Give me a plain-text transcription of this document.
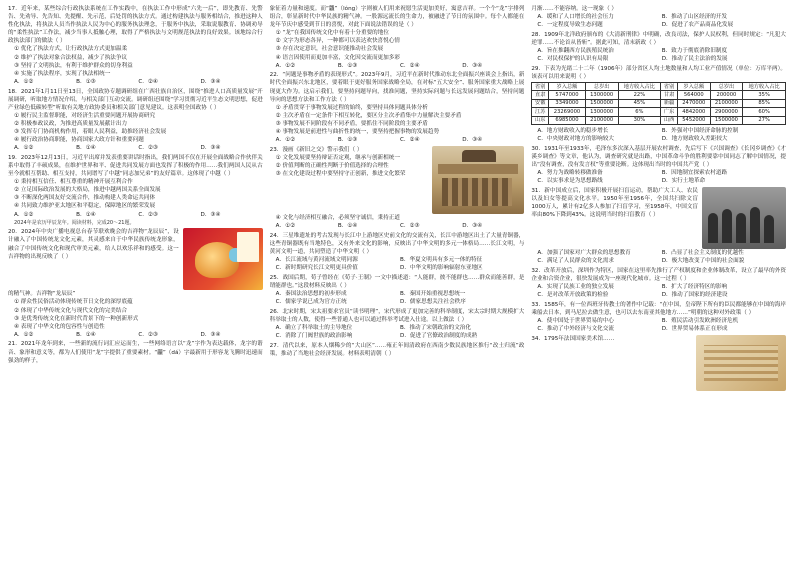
17．近年来，某些综合行政执法系统在工作实践中，在执法工作中形成“六先一后”，即先教育、先警告、先劝导、先告知、先提醒、先示范，后处罚的执法方式。通过构建执法与服务相结合，推进这种人性化执法，将执法人员当作执法人民为中心的服务执法理念，于服务中执法，采取说服教育、协调劝导的“柔性执法”工作法，减少当事人抵触心理，取得了严格执法与文明规范执法的良好效果。该地综合行政执法部门的做法（ ）

① 优化了执法方式，让行政执法方式更加温柔

② 维护了执法对象合法权益，减少了执法争议

③ 坚持了文明执法，有利于维护群众的切身利益

④ 实施了执法程序，实现了执法相统一

A．①②	B．①③	C．②④	D．③④

18．2021年1月11日至13日，全国政协专题调研组在广西壮族自治区，围绕“推进人口高质量发展”开展调研，听取地方情况介绍，与相关部门互动交流。调研组还围绕“学习贯彻习近平生态文明思想，促进产业绿色低碳转型”听取有关地方政协委员和相关部门意见建议。这表明全国政协（ ）

① 履行民主监督职能，对经济生活重要问题开展协商研究

② 积极参政议政，为推进高质量发展献计出力

③ 发挥专门协商机构作用，着眼人民利益，助推经济社会发展

④ 履行政治协商职能，协商国家大政方针和重要问题

A．①②	B．①④	C．②③	D．③④

19．2023年12月13日，习近平出席并发表重要讲话时指出，我们两国不仅在开展全面战略合作伙伴关系中取得了丰硕成果，在维护世界和平、促进共同发展方面也发挥了积极的作用……我们两国人民从古至今就相互帮助、相互支持，共同谱写了中越“同志加兄弟”的友好篇章。这体现了中越（ ）

① 秉持相互信任、相互尊重的精神开展互利合作

② 立足国际政治发展的大格局，推进中越两国关系全面发展

③ 不断深化两国友好交流合作，推动构建人类命运共同体

④ 共同致力维护亚太地区和平稳定，保障地区的繁荣发展

A．①②	B．①④	C．②③	D．③④

2024年是农历甲辰龙年。阅读材料，完成20～21题。

20．2024年中央广播电视总台春节联欢晚会的吉祥物“龙辰辰”，设计融入了中国传统龙文化元素，其灵感来自于中华民族传统龙形象，融合了中国传统文化和现代审美元素，给人以欢乐祥和的感受。这一吉祥物的出现反映了（ ）

的精气神。吉祥物“龙辰辰”

① 群众性民俗活动体现传统节日文化的深厚底蕴

② 体现了中华传统文化与现代文化的完美结合

③ 是优秀传统文化在新时代背景下的一种创新形式

④ 表现了中华文化的包容性与创造性

A．①②	B．①④	C．②③	D．③④

21．2021年龙年到来，一些新的流行词汇应运而生，一些网络语言以“龙”字作为表达载体，龙字的谐音、象形和意义等，都为人们使用“龙”字提供了重要素材。“龖”（dá）字最新用于形容龙飞腾时迅速而强劲的样子，

象征着力量和速度。而“龘”（lóng）字则被人们用来祝愿生活更加美好，寓意吉祥。一个个“龙”字排列组合，彰显新时代中华民族的精气神。一股源远流长的生命力，被融进了节日的氛围中。每个人都能在龙年节庆中感受到节日的喜悦，对此下面说法错误的是（ ）

① “龙”在我国传统文化中有着十分重要的地位

② 文字为形态各异，一种都可以表达欢快喜悦心情

③ 存在决定意识，社会意识能推动社会发展

④ 语言因使用而更加丰富，文化因交流而更加多彩

A．①②	B．①③	C．②④	D．③④

22．“问题是事物矛盾的表现形式”。2023年9月，习近平在新时代推动东北全面振兴座谈会上指出，新时代全面振兴东北地区，要着眼于更好服务国家战略全局，在对标“五大安全”、服务国家重大战略上展现更大作为。这启示我们，要坚持问题导向，找准问题，坚持实际问题与长远发展问题结合，坚持问题导向的思想方法和工作方法（ ）

① 矛盾贯穿于事物发展过程的始终，要坚持具体问题具体分析

② 主次矛盾在一定条件下相互转化，要区分主次矛盾集中力量解决主要矛盾

③ 事物发展不同阶段有不同矛盾，要抓住不同阶段的主要矛盾

④ 事物发展是前进性与曲折性的统一，要坚持把握事物的发展趋势

A．①②	B．①③	C．②④	D．③④

23．漫画《新旧之交》警示我们（ ）

① 文化发展要坚持辩证否定观，继承与创新相统一

② 价值判断的正确性判断于价值选择的合理性

③ 在文化建设过程中要坚持守正创新，推进文化繁荣

④ 文化与经济相互融合，必须坚守诚信，秉持正道

A．①②	B．①④	C．②③	D．③④

24．三星堆遗址的考古发现与长江中上游地区史前文化的交流有关，长江中游地区出土了大量青铜器，这些青铜器既有当地特色，又有外来文化的影响，反映出了中华文明的多元一体格局……长江文明，与黄河文明一道，共同塑造了中华文明（ ）

A．长江流域与黄河流域文明同源	B．华夏文明具有多元一体的特征
C．新时期研究长江文明更具价值	D．中华文明的影响辐射东亚地区

25．战国后期，荀子曾经在《荀子·王制》一文中描述道：“人能群，彼不能群也……群众而能善群，是谓能群也。”这段材料反映出（ ）

A．秦国法治思想的初步形成	B．秦国开始重视思想统一
C．儒家学说已成为官方正统	D．儒家思想关注社会秩序

26．北宋时期，宋太祖要求官员“读书明理”，宋代形成了更加完善的科举制度，宋太宗时期大规模扩大科举取士的人数，使得一些普通人也可以通过科举考试进入仕途。以上做法（ ）

A．确立了科举取士的主导地位	B．推动了宋朝政治的文治化
C．消除了门阀世族的政治影响	D．促进了官僚政治制度的成熟

27．清代以来，原本人烟稀少的“大山区”……雍正年间清政府在西南少数民族地区推行“改土归流”政策，推动了当地社会经济发展。材料表明清朝（ ）

月渐……不能容纳。这一现象（ ）

A．缓和了人口增长的社会压力	B．推动了山区经济的开发
C．一定程度导致生态问题	D．促进了农产品商品化发展

28．1909年北洋政府颁布的《大清新刑律》中明确，改良司法，保护人民权利，但同时规定：“凡犯大逆罪……不论首从皆斩”。据此可知，清末新政（ ）

A．旨在推翻西方民族殖民统治	B．致力于彻底消除旧制度
C．对民权保护的认识有局限	D．推动了民主法治的发展

29．下表为光绪二十二年（1906年）部分省区人均土地数量和人均工业产值情况（单位：万库平两）。该表可以用来说明（ ）

省别	岁入总额	总岁出	地方收入占比	省别	岁入总额	总岁出	地方收入占比
直隶	5747000	1300000	22%	甘肃	564000	200000	35%
安徽	3349000	1500000	45%	新疆	2470000	2100000	85%
江苏	23269000	1300000	6%	广东	4842000	2900000	60%
山东	6985000	2100000	30%	山西	5452000	1500000	27%
A．地方财政收入的稳步增长	B．外强对中国经济命脉的控制
C．中央财政对地方的影响较大	D．地方财政收入差距较大

30．1931年至1933年，毛泽东多次深入基层开展农村调查，先后写下《兴国调查》《长冈乡调查》《才溪乡调查》等文章，他认为，调查研究就是出路，中国革命斗争的胜利要靠中国同志了解中国情况，提出“没有调查，没有发言权”等重要论断。这体现出当时的中国共产党（ ）

A．努力为战略转移做准备	B．因地制宜探索农村道路
C．以实事求是为思想路线	D．实行土地革命

31．新中国成立后，国家积极开展扫盲运动，帮助广大工人、农民以及妇女等提高文化水平。1950年至1956年，全国共扫除文盲1000万人，累计有2亿多人参加了扫盲学习，至1958年，中国文盲率由80%下降到43%。这说明当时的扫盲教育（ ）

A．加强了国家对广大群众的思想教育	B．凸显了社会主义制度的优越性
C．满足了人民群众的文化需求	D．极大地改变了中国的社会面貌

32．改革开放后，深圳作为特区，国家在这里率先推行了产权制度和企业体制改革，设立了最早的外资企业和合资企业，很快发展成为一座现代化城市。这一过程（ ）

A．实现了民族工业的独立发展	B．扩大了经济特区的影响
C．是对改革开放政策的检验	D．推动了国家的经济建设

33．1585年，有一位西班牙传教士的著作中记载：“在中国，皇帝陛下所有的臣民都能够在中国的海岸乘船去日本，到马尼拉去做生意，也可以去东南亚其他地方……”明朝的这种对外政策（ ）

A．使中国处于世界贸易的中心	B．殖民活动引发欧洲经济危机
C．推动了中外经济与文化交流	D．世界贸易体系正在形成

34．1795年法国国家美术馆……
